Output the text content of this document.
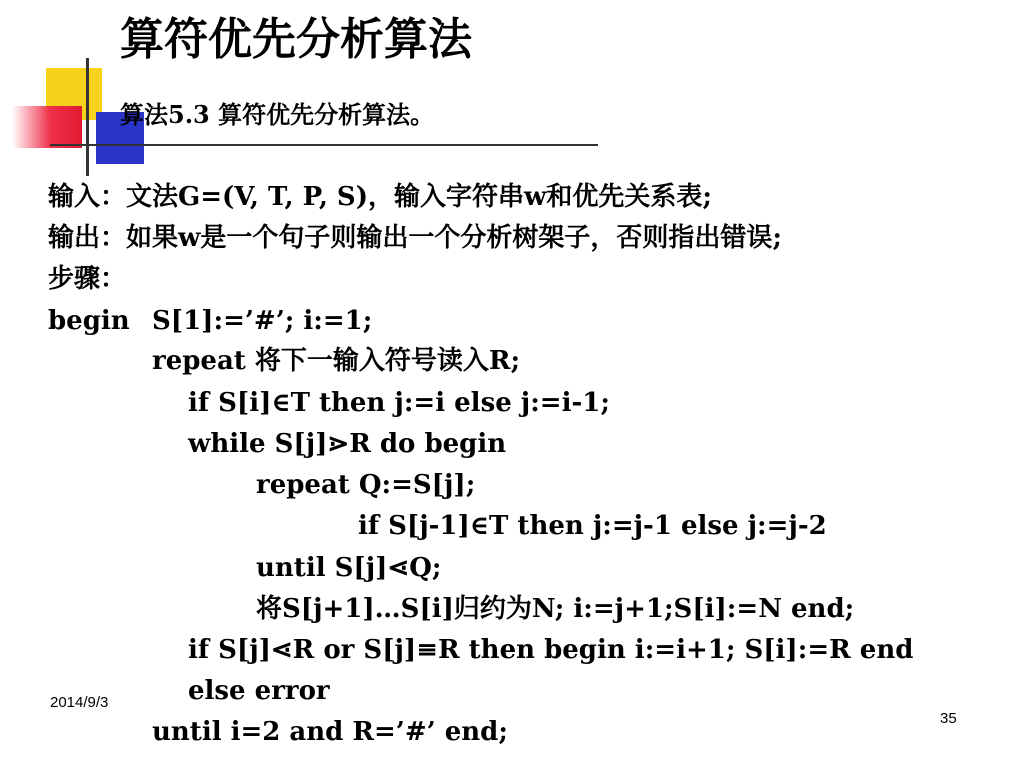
算符优先分析算法
算法5.3 算符优先分析算法。
输入：文法G=(V, T, P, S)，输入字符串w和优先关系表;
输出：如果w是一个句子则输出一个分析树架子，否则指出错误;
步骤：
begin S[1]:=’#’; i:=1;
repeat 将下一输入符号读入R;
if S[i]∈T then j:=i else j:=i-1;
while S[j]⋗R do begin
repeat Q:=S[j];
if S[j-1]∈T then j:=j-1 else j:=j-2
until S[j]⋖Q;
将S[j+1]…S[i]归约为N; i:=j+1;S[i]:=N end;
if S[j]⋖R or S[j]≡R then begin i:=i+1; S[i]:=R end
else error
until i=2 and R=’#’ end;
2014/9/3
35
